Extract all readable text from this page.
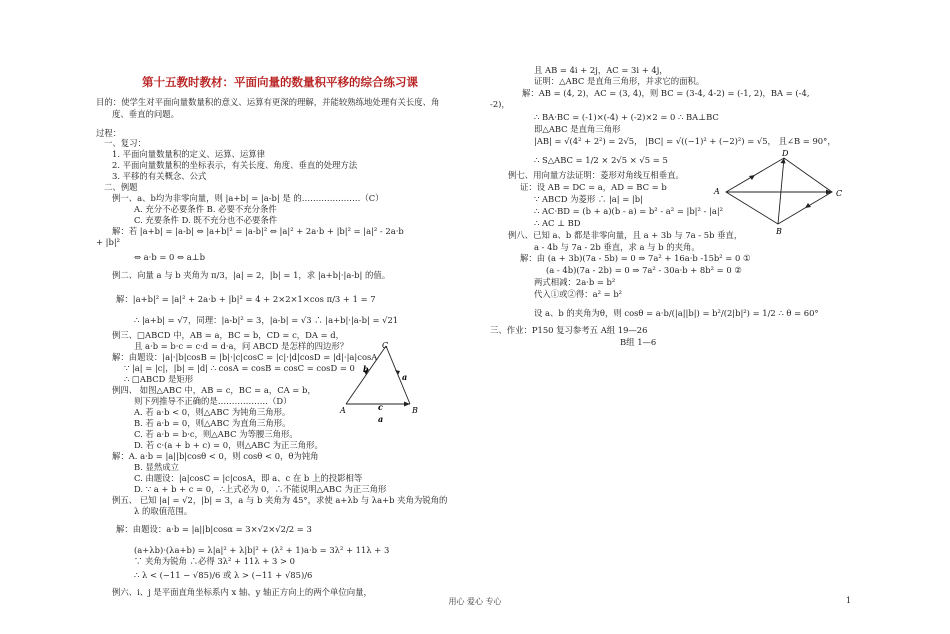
第十五教时教材：平面向量的数量积平移的综合练习课
目的：使学生对平面向量数量积的意义、运算有更深的理解，并能较熟练地处理有关长度、角
度、垂直的问题。
过程：
一、复习：
1. 平面向量数量积的定义、运算、运算律
2. 平面向量数量积的坐标表示，有关长度、角度、垂直的处理方法
3. 平移的有关概念、公式
二、例题
例一、a、b均为非零向量，则 |a+b| = |a-b| 是 的…………………（C）
A. 充分不必要条件 B. 必要不充分条件
C. 充要条件 D. 既不充分也不必要条件
解：若 |a+b| = |a-b| ⇔ |a+b|² = |a-b|² ⇔ |a|² + 2a·b + |b|² = |a|² - 2a·b
+ |b|²
⇔ a·b = 0 ⇔ a⊥b
例二、向量 a 与 b 夹角为 π/3，|a| = 2，|b| = 1，求 |a+b|·|a-b| 的值。
解：|a+b|² = |a|² + 2a·b + |b|² = 4 + 2×2×1×cos π/3 + 1 = 7
∴ |a+b| = √7，同理：|a-b|² = 3，|a-b| = √3 ∴ |a+b|·|a-b| = √21
例三、□ABCD 中，AB = a，BC = b，CD = c，DA = d，
且 a·b = b·c = c·d = d·a，问 ABCD 是怎样的四边形？
解：由题设：|a|·|b|cosB = |b|·|c|cosC = |c|·|d|cosD = |d|·|a|cosA
∵ |a| = |c|，|b| = |d| ∴ cosA = cosB = cosC = cosD = 0
∴ □ABCD 是矩形
例四、 如图△ABC 中，AB = c，BC = a，CA = b，
则下列推导不正确的是………………（D）
A. 若 a·b < 0，则△ABC 为钝角三角形。
B. 若 a·b = 0，则△ABC 为直角三角形。
C. 若 a·b = b·c，则△ABC 为等腰三角形。
D. 若 c·(a + b + c) = 0，则△ABC 为正三角形。
解：A. a·b = |a||b|cosθ < 0，则 cosθ < 0，θ为钝角
B. 显然成立
C. 由题设：|a|cosC = |c|cosA，即 a、c 在 b 上的投影相等
D. ∵ a + b + c = 0，∴上式必为 0，∴不能说明△ABC 为正三角形
例五、 已知 |a| = √2，|b| = 3，a 与 b 夹角为 45°，求使 a+λb 与 λa+b 夹角为锐角的
λ 的取值范围。
解：由题设：a·b = |a||b|cosα = 3×√2×√2/2 = 3
(a+λb)·(λa+b) = λ|a|² + λ|b|² + (λ² + 1)a·b = 3λ² + 11λ + 3
∵ 夹角为锐角 ∴必得 3λ² + 11λ + 3 > 0
∴ λ < (−11 − √85)/6 或 λ > (−11 + √85)/6
例六、i、j 是平面直角坐标系内 x 轴、y 轴正方向上的两个单位向量，
且 AB = 4i + 2j，AC = 3i + 4j，
证明：△ABC 是直角三角形，并求它的面积。
解：AB = (4, 2)，AC = (3, 4)，则 BC = (3-4, 4-2) = (-1, 2)，BA = (-4,
-2)，
∴ BA·BC = (-1)×(-4) + (-2)×2 = 0 ∴ BA⊥BC
即△ABC 是直角三角形
|AB| = √(4² + 2²) = 2√5， |BC| = √((−1)² + (−2)²) = √5， 且∠B = 90°，
∴ S△ABC = 1/2 × 2√5 × √5 = 5
例七、用向量方法证明：菱形对角线互相垂直。
证：设 AB = DC = a，AD = BC = b
∵ ABCD 为菱形 ∴ |a| = |b|
∴ AC·BD = (b + a)(b - a) = b² - a² = |b|² - |a|²
∴ AC ⊥ BD
例八、已知 a、b 都是非零向量，且 a + 3b 与 7a - 5b 垂直，
a - 4b 与 7a - 2b 垂直，求 a 与 b 的夹角。
解：由 (a + 3b)(7a - 5b) = 0 ⇒ 7a² + 16a·b -15b² = 0 ①
(a - 4b)(7a - 2b) = 0 ⇒ 7a² - 30a·b + 8b² = 0 ②
两式相减：2a·b = b²
代入①或②得：a² = b²
设 a、b 的夹角为θ，则 cosθ = a·b/(|a||b|) = b²/(2|b|²) = 1/2 ∴ θ = 60°
三、作业：P150 复习参考五 A组 19—26
B组 1—6
C
A	B
b
a
c
a
D
A	C
B
用心 爱心 专心	1
